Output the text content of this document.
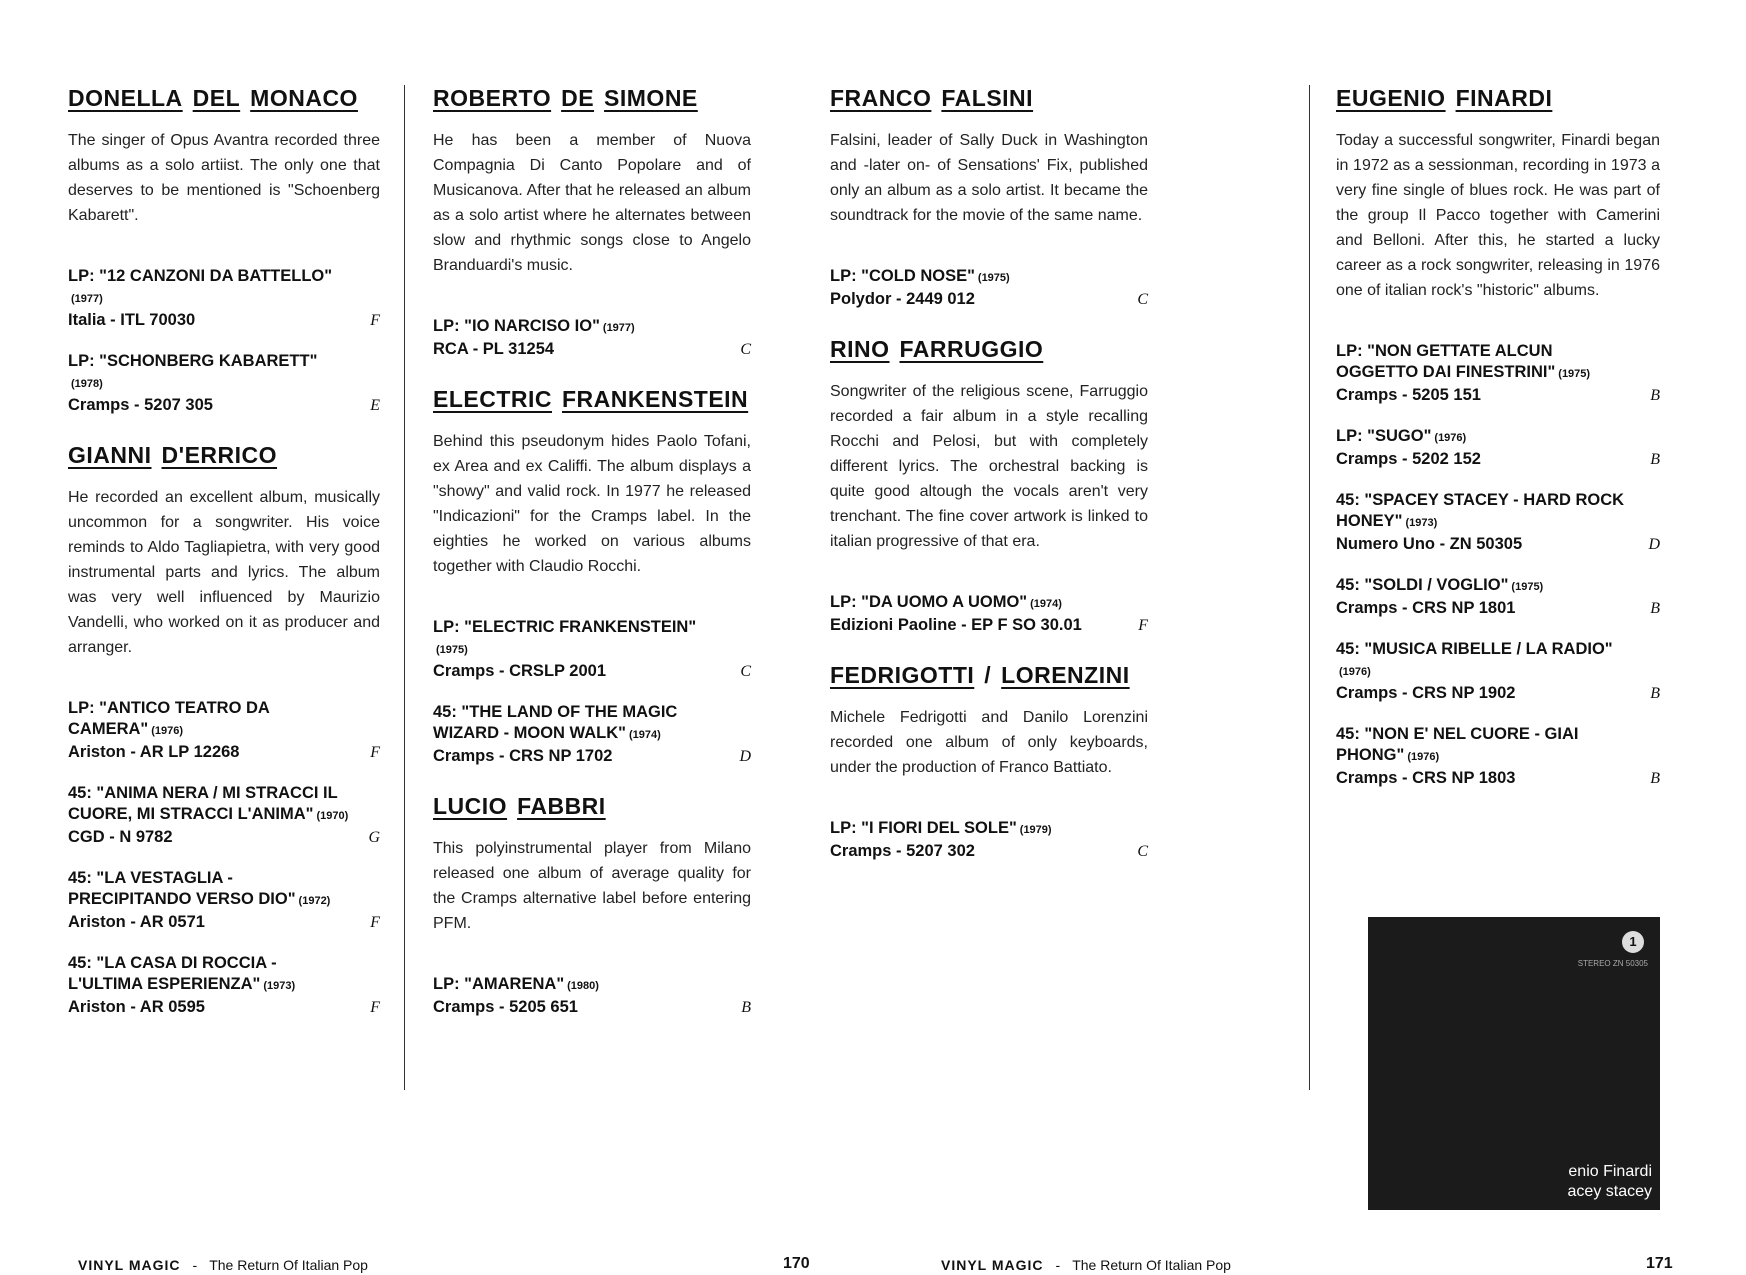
DONELLA DEL MONACO

The singer of Opus Avantra recorded three albums as a solo artiist. The only one that deserves to be mentioned is "Schoenberg Kabarett".

LP: "12 CANZONI DA BATTELLO"(1977)
Italia - ITL 70030	F
LP: "SCHONBERG KABARETT"(1978)
Cramps - 5207 305	E
GIANNI D'ERRICO

He recorded an excellent album, musically uncommon for a songwriter. His voice reminds to Aldo Tagliapietra, with very good instrumental parts and lyrics. The album was very well influenced by Maurizio Vandelli, who worked on it as producer and arranger.

LP: "ANTICO TEATRO DA CAMERA" (1976)
Ariston - AR LP 12268	F
45: "ANIMA NERA / MI STRACCI IL CUORE, MI STRACCI L'ANIMA" (1970)
CGD - N 9782	G
45: "LA VESTAGLIA - PRECIPITANDO VERSO DIO" (1972)
Ariston - AR 0571	F
45: "LA CASA DI ROCCIA - L'ULTIMA ESPERIENZA" (1973)
Ariston - AR 0595	F
ROBERTO DE SIMONE

He has been a member of Nuova Compagnia Di Canto Popolare and of Musicanova. After that he released an album as a solo artist where he alternates between slow and rhythmic songs close to Angelo Branduardi's music.

LP: "IO NARCISO IO" (1977)
RCA - PL 31254	C
ELECTRIC FRANKENSTEIN

Behind this pseudonym hides Paolo Tofani, ex Area and ex Califfi. The album displays a "showy" and valid rock. In 1977 he released "Indicazioni" for the Cramps label. In the eighties he worked on various albums together with Claudio Rocchi.

LP: "ELECTRIC FRANKENSTEIN"(1975)
Cramps - CRSLP 2001	C
45: "THE LAND OF THE MAGIC WIZARD - MOON WALK" (1974)
Cramps - CRS NP 1702	D
LUCIO FABBRI

This polyinstrumental player from Milano released one album of average quality for the Cramps alternative label before entering PFM.

LP: "AMARENA" (1980)
Cramps - 5205 651	B
VINYL MAGIC - The Return Of Italian Pop	170
FRANCO FALSINI

Falsini, leader of Sally Duck in Washington and -later on- of Sensations' Fix, published only an album as a solo artist. It became the soundtrack for the movie of the same name.

LP: "COLD NOSE" (1975)
Polydor - 2449 012	C
RINO FARRUGGIO

Songwriter of the religious scene, Farruggio recorded a fair album in a style recalling Rocchi and Pelosi, but with completely different lyrics. The orchestral backing is quite good altough the vocals aren't very trenchant. The fine cover artwork is linked to italian progressive of that era.

LP: "DA UOMO A UOMO" (1974)
Edizioni Paoline - EP F SO 30.01	F
FEDRIGOTTI / LORENZINI

Michele Fedrigotti and Danilo Lorenzini recorded one album of only keyboards, under the production of Franco Battiato.

LP: "I FIORI DEL SOLE" (1979)
Cramps - 5207 302	C
EUGENIO FINARDI

Today a successful songwriter, Finardi began in 1972 as a sessionman, recording in 1973 a very fine single of blues rock. He was part of the group Il Pacco together with Camerini and Belloni. After this, he started a lucky career as a rock songwriter, releasing in 1976 one of italian rock's "historic" albums.

LP: "NON GETTATE ALCUN OGGETTO DAI FINESTRINI" (1975)
Cramps - 5205 151	B
LP: "SUGO" (1976)
Cramps - 5202 152	B
45: "SPACEY STACEY - HARD ROCK HONEY" (1973)
Numero Uno - ZN 50305	D
45: "SOLDI / VOGLIO" (1975)
Cramps - CRS NP 1801	B
45: "MUSICA RIBELLE / LA RADIO"(1976)
Cramps - CRS NP 1902	B
45: "NON E' NEL CUORE - GIAI PHONG" (1976)
Cramps - CRS NP 1803	B
VINYL MAGIC - The Return Of Italian Pop	171
1
STEREO ZN 50305
enio Finardi
acey stacey
